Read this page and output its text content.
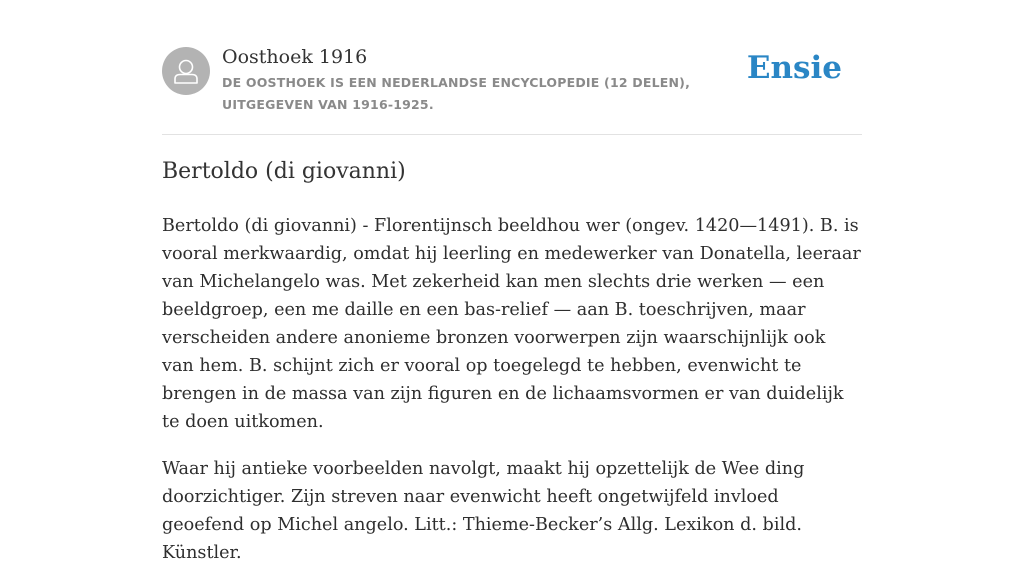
Oosthoek 1916
DE OOSTHOEK IS EEN NEDERLANDSE ENCYCLOPEDIE (12 DELEN), UITGEGEVEN VAN 1916-1925.
Ensie
Bertoldo (di giovanni)

Bertoldo (di giovanni) - Florentijnsch beeldhou wer (ongev. 1420—1491). B. is vooral merkwaardig, omdat hij leerling en medewerker van Donatella, leeraar van Michelangelo was. Met zekerheid kan men slechts drie werken — een beeldgroep, een me daille en een bas-relief — aan B. toeschrijven, maar verscheiden andere anonieme bronzen voorwerpen zijn waarschijnlijk ook van hem. B. schijnt zich er vooral op toegelegd te hebben, evenwicht te brengen in de massa van zijn figuren en de lichaamsvormen er van duidelijk te doen uitkomen.

Waar hij antieke voorbeelden navolgt, maakt hij opzettelijk de Wee ding doorzichtiger. Zijn streven naar evenwicht heeft ongetwijfeld invloed geoefend op Michel angelo. Litt.: Thieme-Becker’s Allg. Lexikon d. bild. Künstler.
